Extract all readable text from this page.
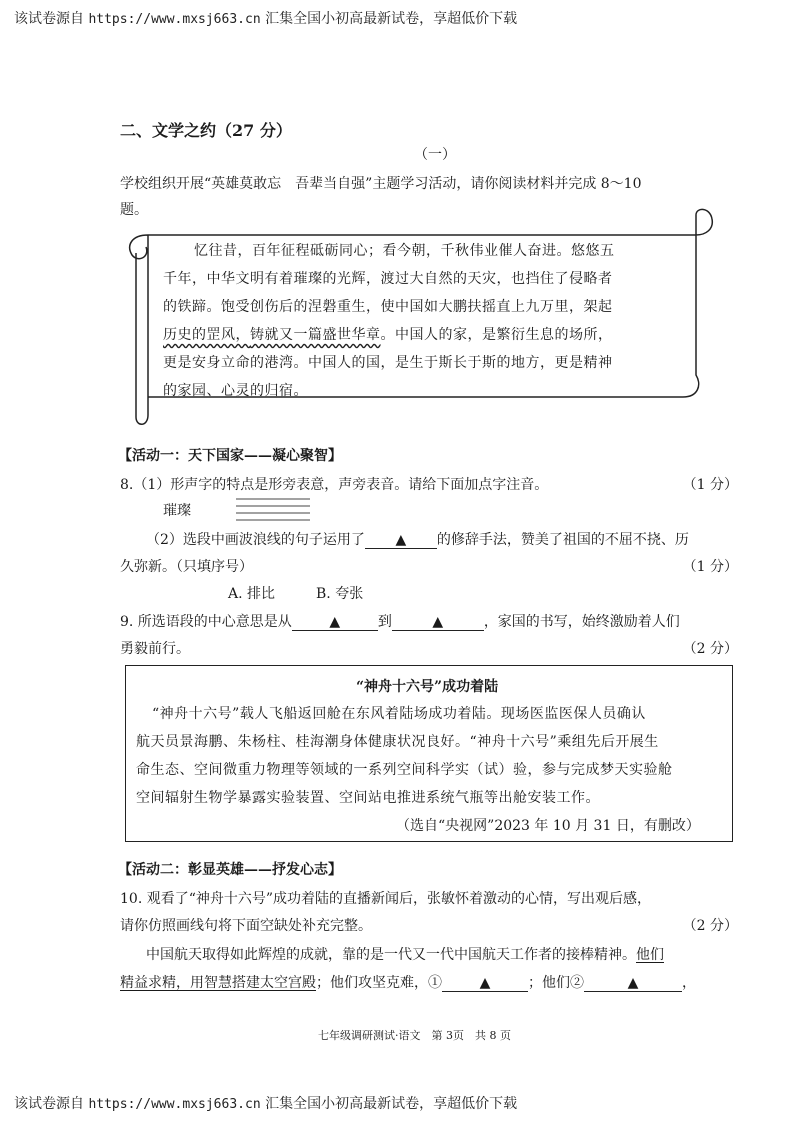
该试卷源自 https://www.mxsj663.cn 汇集全国小初高最新试卷，享超低价下载
二、文学之约（27 分）
（一）
学校组织开展“英雄莫敢忘　吾辈当自强”主题学习活动，请你阅读材料并完成 8～10
题。
忆往昔，百年征程砥砺同心；看今朝，千秋伟业催人奋进。悠悠五
千年，中华文明有着璀璨的光辉，渡过大自然的天灾，也挡住了侵略者
的铁蹄。饱受创伤后的涅磐重生，使中国如大鹏扶摇直上九万里，架起
历史的罡风，铸就又一篇盛世华章。中国人的家，是繁衍生息的场所，
更是安身立命的港湾。中国人的国，是生于斯长于斯的地方，更是精神
的家园、心灵的归宿。
【活动一：天下国家——凝心聚智】
8.（1）形声字的特点是形旁表意，声旁表音。请给下面加点字注音。	（1 分）
璀璨
（2）选段中画波浪线的句子运用了 ▲ 的修辞手法，赞美了祖国的不屈不挠、历
久弥新。（只填序号）	（1 分）
A. 排比	B. 夸张
9. 所选语段的中心意思是从	▲	到	▲	，家国的书写，始终激励着人们
勇毅前行。	（2 分）
“神舟十六号”成功着陆
“神舟十六号”载人飞船返回舱在东风着陆场成功着陆。现场医监医保人员确认
航天员景海鹏、朱杨柱、桂海潮身体健康状况良好。“神舟十六号”乘组先后开展生
命生态、空间微重力物理等领域的一系列空间科学实（试）验，参与完成梦天实验舱
空间辐射生物学暴露实验装置、空间站电推进系统气瓶等出舱安装工作。
（选自“央视网”2023 年 10 月 31 日，有删改）
【活动二：彰显英雄——抒发心志】
10. 观看了“神舟十六号”成功着陆的直播新闻后，张敏怀着激动的心情，写出观后感，
请你仿照画线句将下面空缺处补充完整。	（2 分）
中国航天取得如此辉煌的成就，靠的是一代又一代中国航天工作者的接棒精神。他们
精益求精，用智慧搭建太空宫殿；他们攻坚克难，①	▲	；他们②	▲	，
七年级调研测试·语文　第 3页　共 8 页
该试卷源自 https://www.mxsj663.cn 汇集全国小初高最新试卷，享超低价下载
